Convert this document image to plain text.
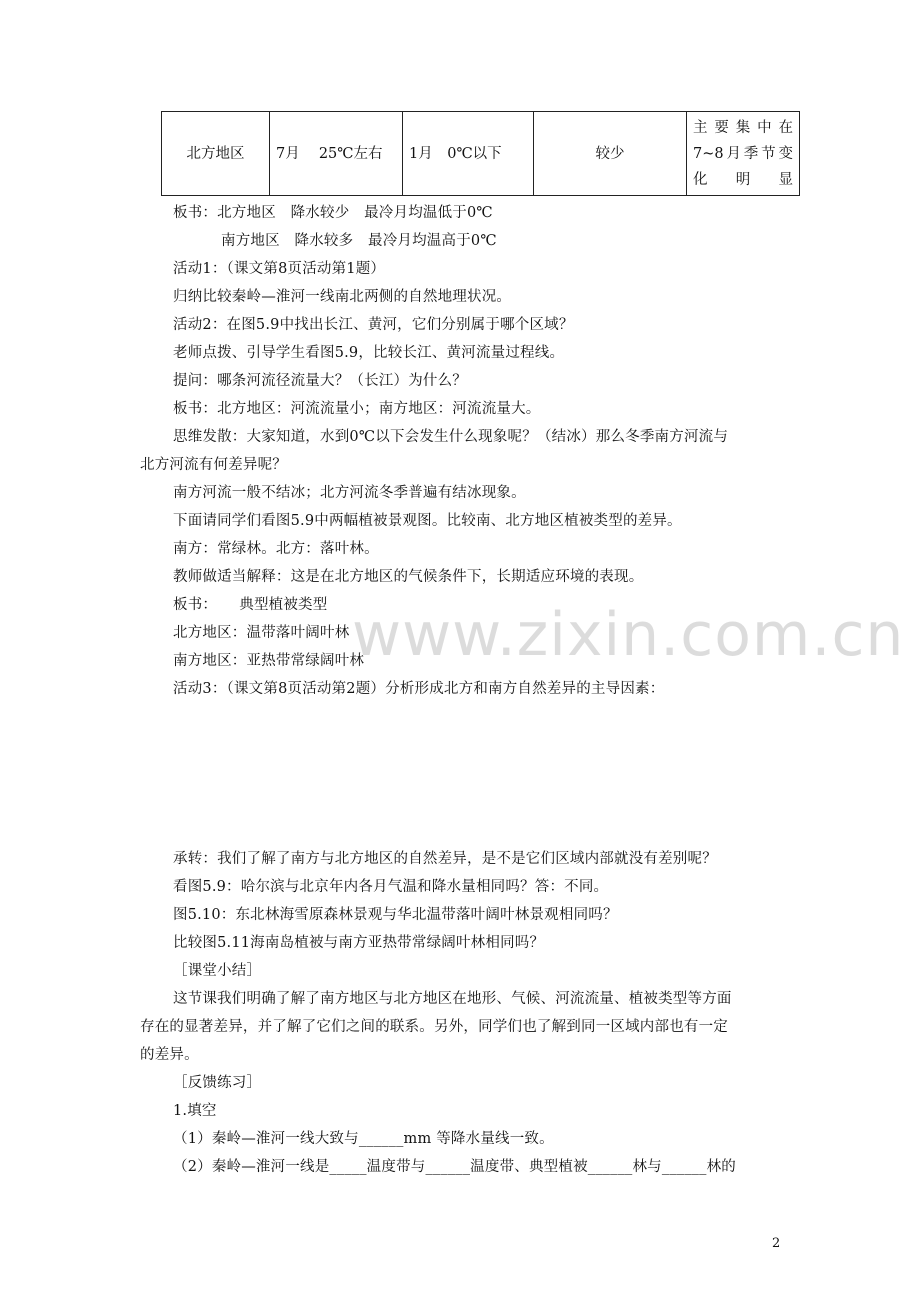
北方地区	7月　 25℃左右	1月　0℃以下	较少	主要集中在7~8月季节变化明显
板书：北方地区　降水较少　最冷月均温低于0℃
南方地区　降水较多　最冷月均温高于0℃
活动1：（课文第8页活动第1题）
归纳比较秦岭—淮河一线南北两侧的自然地理状况。
活动2：在图5.9中找出长江、黄河，它们分别属于哪个区域？
老师点拨、引导学生看图5.9，比较长江、黄河流量过程线。
提问：哪条河流径流量大？（长江）为什么？
板书：北方地区：河流流量小；南方地区：河流流量大。
思维发散：大家知道，水到0℃以下会发生什么现象呢？（结冰）那么冬季南方河流与
北方河流有何差异呢？
南方河流一般不结冰；北方河流冬季普遍有结冰现象。
下面请同学们看图5.9中两幅植被景观图。比较南、北方地区植被类型的差异。
南方：常绿林。北方：落叶林。
教师做适当解释：这是在北方地区的气候条件下，长期适应环境的表现。
板书：　　典型植被类型
北方地区：温带落叶阔叶林
南方地区：亚热带常绿阔叶林
活动3：（课文第8页活动第2题）分析形成北方和南方自然差异的主导因素：
承转：我们了解了南方与北方地区的自然差异，是不是它们区域内部就没有差别呢？
看图5.9：哈尔滨与北京年内各月气温和降水量相同吗？答：不同。
图5.10：东北林海雪原森林景观与华北温带落叶阔叶林景观相同吗？
比较图5.11海南岛植被与南方亚热带常绿阔叶林相同吗？
［课堂小结］
这节课我们明确了解了南方地区与北方地区在地形、气候、河流流量、植被类型等方面
存在的显著差异，并了解了它们之间的联系。另外，同学们也了解到同一区域内部也有一定
的差异。
［反馈练习］
1.填空
（1）秦岭—淮河一线大致与______mm 等降水量线一致。
（2）秦岭—淮河一线是_____温度带与______温度带、典型植被______林与______林的
www.zixin.com.cn
2
